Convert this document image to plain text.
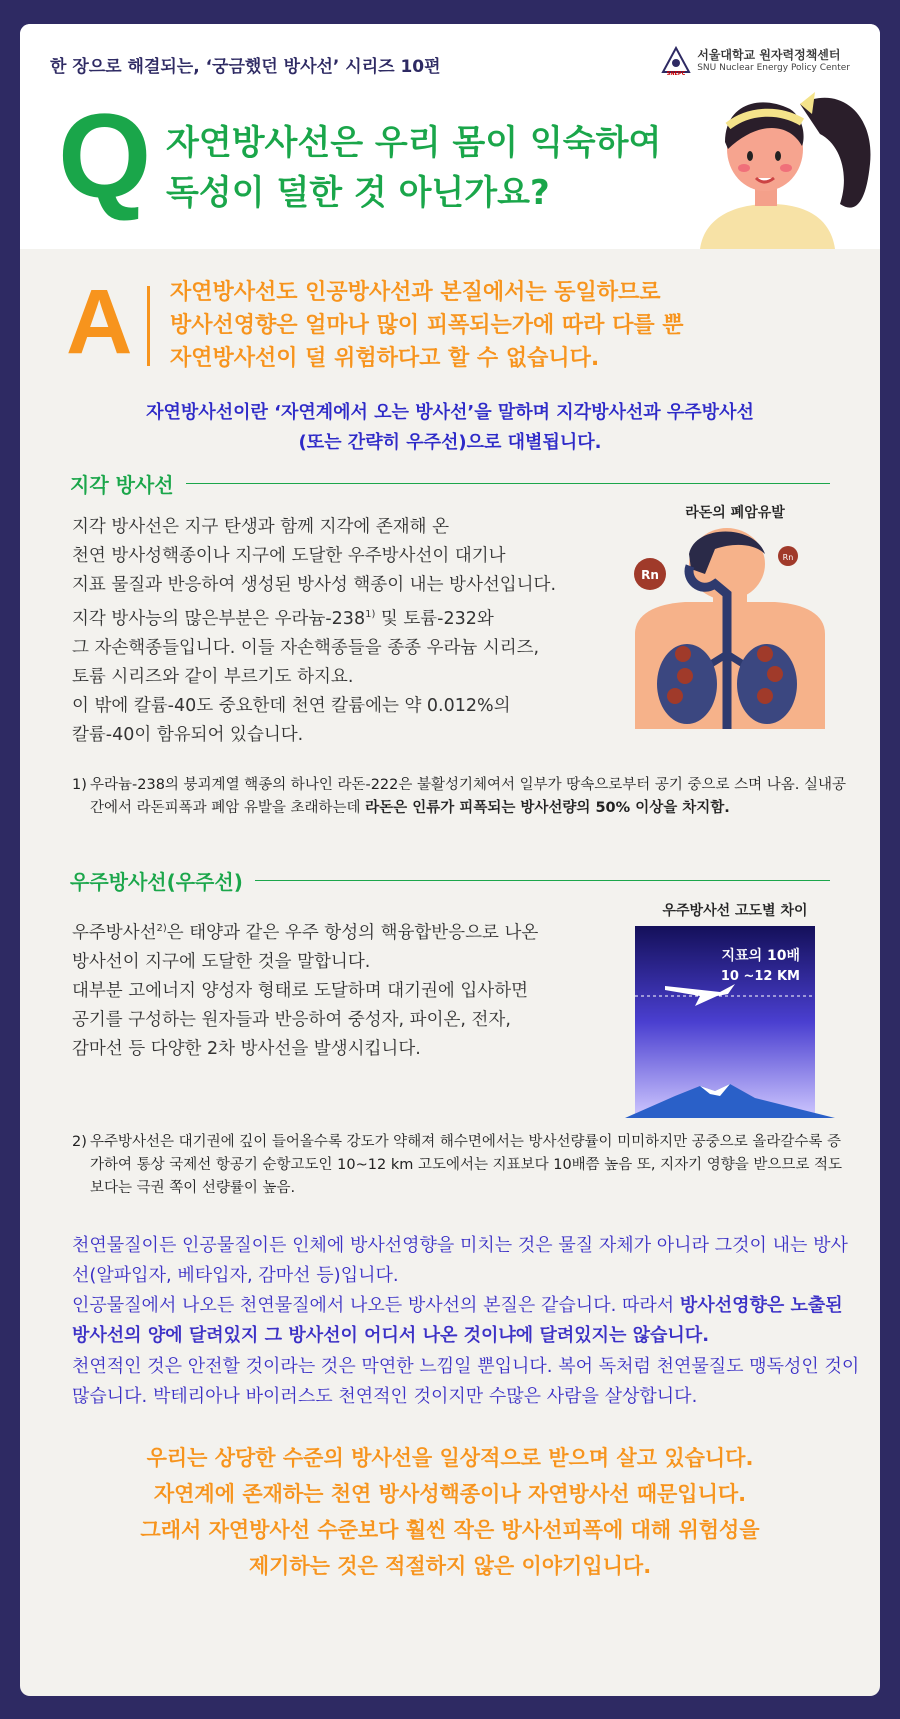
한 장으로 해결되는, ‘궁금했던 방사선’ 시리즈 10편	SNEPC
서울대학교 원자력정책센터
SNU Nuclear Energy Policy Center
Q 자연방사선은 우리 몸이 익숙하여
독성이 덜한 것 아닌가요?
A 자연방사선도 인공방사선과 본질에서는 동일하므로
방사선영향은 얼마나 많이 피폭되는가에 따라 다를 뿐
자연방사선이 덜 위험하다고 할 수 없습니다.
자연방사선이란 ‘자연계에서 오는 방사선’을 말하며 지각방사선과 우주방사선
(또는 간략히 우주선)으로 대별됩니다.
지각 방사선
지각 방사선은 지구 탄생과 함께 지각에 존재해 온
천연 방사성핵종이나 지구에 도달한 우주방사선이 대기나
지표 물질과 반응하여 생성된 방사성 핵종이 내는 방사선입니다.
지각 방사능의 많은부분은 우라늄-238$^{1)}$ 및 토륨-232와
그 자손핵종들입니다. 이들 자손핵종들을 종종 우라늄 시리즈,
토륨 시리즈와 같이 부르기도 하지요.
이 밖에 칼륨-40도 중요한데 천연 칼륨에는 약 0.012%의
칼륨-40이 함유되어 있습니다.
라돈의 폐암유발
Rn
Rn
1) 우라늄-238의 붕괴계열 핵종의 하나인 라돈-222은 불활성기체여서 일부가 땅속으로부터 공기 중으로 스며 나옴. 실내공간에서 라돈피폭과 폐암 유발을 초래하는데 라돈은 인류가 피폭되는 방사선량의 50% 이상을 차지함.
우주방사선(우주선)
우주방사선$^{2)}$은 태양과 같은 우주 항성의 핵융합반응으로 나온
방사선이 지구에 도달한 것을 말합니다.
대부분 고에너지 양성자 형태로 도달하며 대기권에 입사하면
공기를 구성하는 원자들과 반응하여 중성자, 파이온, 전자,
감마선 등 다양한 2차 방사선을 발생시킵니다.
우주방사선 고도별 차이
지표의 10배
10 ~12 KM
2) 우주방사선은 대기권에 깊이 들어올수록 강도가 약해져 해수면에서는 방사선량률이 미미하지만 공중으로 올라갈수록 증가하여 통상 국제선 항공기 순항고도인 10~12 km 고도에서는 지표보다 10배쯤 높음 또, 지자기 영향을 받으므로 적도보다는 극권 쪽이 선량률이 높음.
천연물질이든 인공물질이든 인체에 방사선영향을 미치는 것은 물질 자체가 아니라 그것이 내는 방사선(알파입자, 베타입자, 감마선 등)입니다.
인공물질에서 나오든 천연물질에서 나오든 방사선의 본질은 같습니다. 따라서 방사선영향은 노출된 방사선의 양에 달려있지 그 방사선이 어디서 나온 것이냐에 달려있지는 않습니다.
천연적인 것은 안전할 것이라는 것은 막연한 느낌일 뿐입니다. 복어 독처럼 천연물질도 맹독성인 것이 많습니다. 박테리아나 바이러스도 천연적인 것이지만 수많은 사람을 살상합니다.
우리는 상당한 수준의 방사선을 일상적으로 받으며 살고 있습니다.
자연계에 존재하는 천연 방사성핵종이나 자연방사선 때문입니다.
그래서 자연방사선 수준보다 훨씬 작은 방사선피폭에 대해 위험성을
제기하는 것은 적절하지 않은 이야기입니다.
